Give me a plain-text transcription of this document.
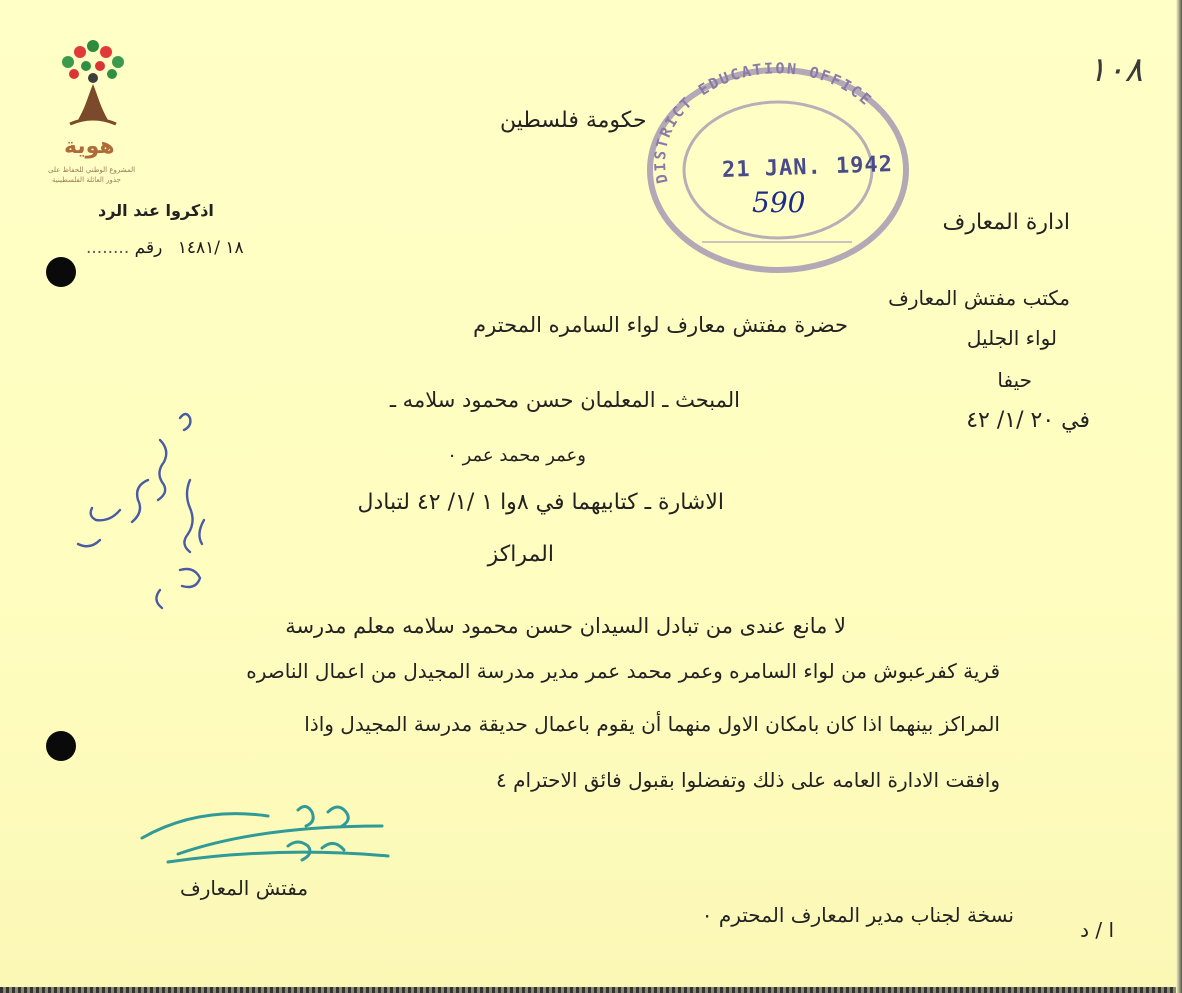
هوية
المشروع الوطني للحفاظ على
جذور العائلة الفلسطينية
١٠٨
DISTRICT EDUCATION OFFICE
21 JAN. 1942
590
حكومة فلسطين
اذكروا عند الرد
........	١٨ /١٤٨١ رقم
ادارة المعارف
مكتب مفتش المعارف
لواء الجليل
حيفا
في ٢٠ /١/ ٤٢
حضرة مفتش معارف لواء السامره المحترم
المبحث ـ المعلمان حسن محمود سلامه ـ
وعمر محمد عمر ٠
الاشارة ـ كتابيهما في ٨وا ١ /١/ ٤٢ لتبادل
المراكز
لا مانع عندى من تبادل السيدان حسن محمود سلامه معلم مدرسة
قرية كفرعبوش من لواء السامره وعمر محمد عمر مدير مدرسة المجيدل من اعمال الناصره
المراكز بينهما اذا كان بامكان الاول منهما أن يقوم باعمال حديقة مدرسة المجيدل واذا
وافقت الادارة العامه على ذلك وتفضلوا بقبول فائق الاحترام ٤
مفتش المعارف
نسخة لجناب مدير المعارف المحترم ٠
ا / د
